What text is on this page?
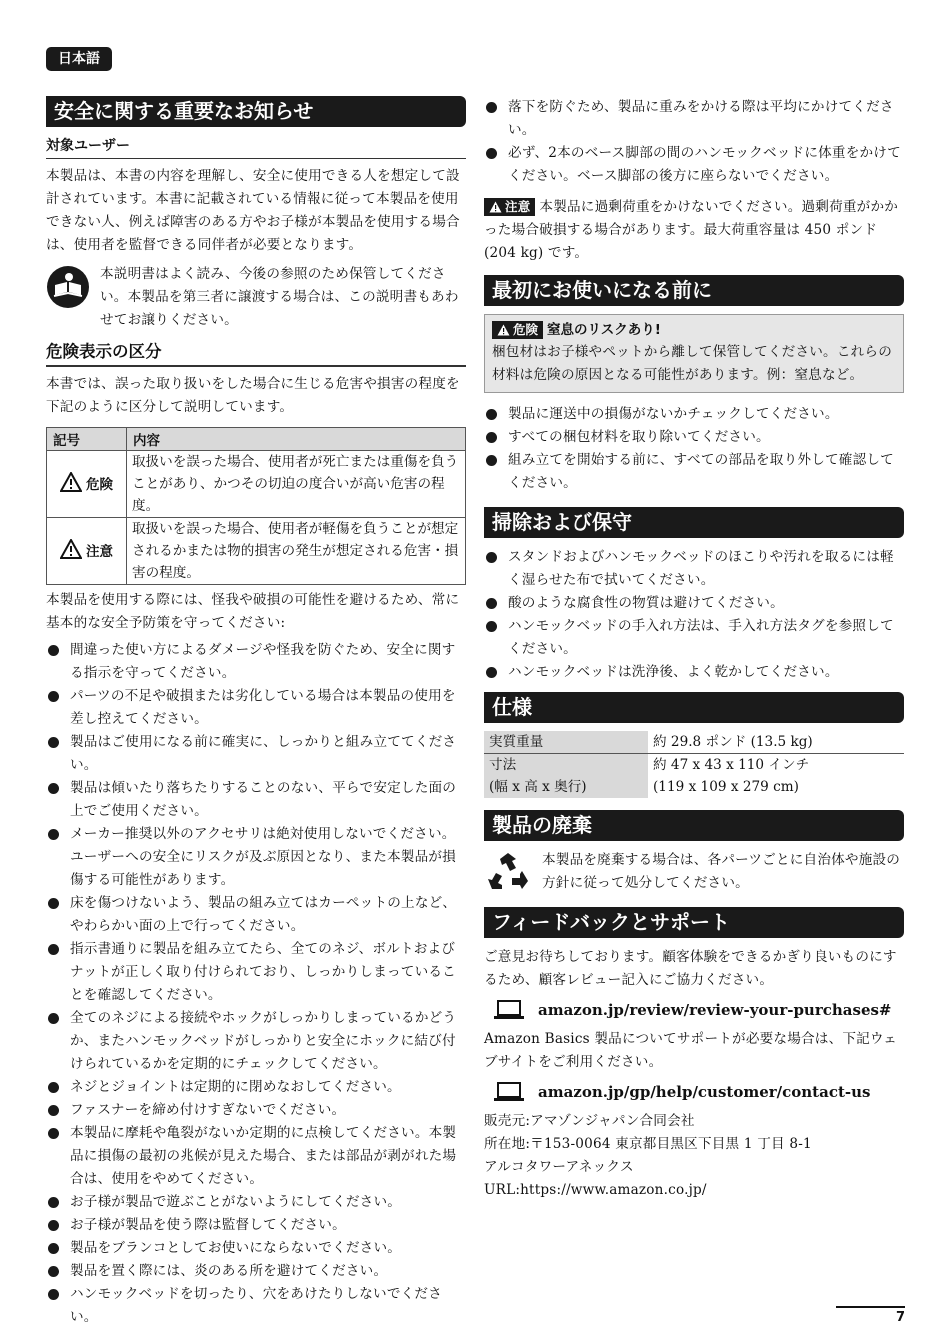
日本語
安全に関する重要なお知らせ
対象ユーザー

本製品は、本書の内容を理解し、安全に使用できる人を想定して設計されています。本書に記載されている情報に従って本製品を使用できない人、例えば障害のある方やお子様が本製品を使用する場合は、使用者を監督できる同伴者が必要となります。

本説明書はよく読み、今後の参照のため保管してください。本製品を第三者に譲渡する場合は、この説明書もあわせてお譲りください。
危険表示の区分

本書では、誤った取り扱いをした場合に生じる危害や損害の程度を下記のように区分して説明しています。

記号	内容
危険	取扱いを誤った場合、使用者が死亡または重傷を負うことがあり、かつその切迫の度合いが高い危害の程度。
注意	取扱いを誤った場合、使用者が軽傷を負うことが想定されるかまたは物的損害の発生が想定される危害・損害の程度。

本製品を使用する際には、怪我や破損の可能性を避けるため、常に基本的な安全予防策を守ってください:

間違った使い方によるダメージや怪我を防ぐため、安全に関する指示を守ってください。
パーツの不足や破損または劣化している場合は本製品の使用を差し控えてください。
製品はご使用になる前に確実に、しっかりと組み立ててください。
製品は傾いたり落ちたりすることのない、平らで安定した面の上でご使用ください。
メーカー推奨以外のアクセサリは絶対使用しないでください。ユーザーへの安全にリスクが及ぶ原因となり、また本製品が損傷する可能性があります。
床を傷つけないよう、製品の組み立てはカーペットの上など、やわらかい面の上で行ってください。
指示書通りに製品を組み立てたら、全てのネジ、ボルトおよびナットが正しく取り付けられており、しっかりしまっていることを確認してください。
全てのネジによる接続やホックがしっかりしまっているかどうか、またハンモックベッドがしっかりと安全にホックに結び付けられているかを定期的にチェックしてください。
ネジとジョイントは定期的に閉めなおしてください。
ファスナーを締め付けすぎないでください。
本製品に摩耗や亀裂がないか定期的に点検してください。本製品に損傷の最初の兆候が見えた場合、または部品が剥がれた場合は、使用をやめてください。
お子様が製品で遊ぶことがないようにしてください。
お子様が製品を使う際は監督してください。
製品をブランコとしてお使いにならないでください。
製品を置く際には、炎のある所を避けてください。
ハンモックベッドを切ったり、穴をあけたりしないでください。
落下を防ぐため、製品に重みをかける際は平均にかけてください。
必ず、2本のベース脚部の間のハンモックベッドに体重をかけてください。ベース脚部の後方に座らないでください。

注意 本製品に過剰荷重をかけないでください。過剰荷重がかかった場合破損する場合があります。最大荷重容量は 450 ポンド (204 kg) です。

最初にお使いになる前に
危険 窒息のリスクあり!

梱包材はお子様やペットから離して保管してください。これらの材料は危険の原因となる可能性があります。例：窒息など。

製品に運送中の損傷がないかチェックしてください。
すべての梱包材料を取り除いてください。
組み立てを開始する前に、すべての部品を取り外して確認してください。
掃除および保守
スタンドおよびハンモックベッドのほこりや汚れを取るには軽く湿らせた布で拭いてください。
酸のような腐食性の物質は避けてください。
ハンモックベッドの手入れ方法は、手入れ方法タグを参照してください。
ハンモックベッドは洗浄後、よく乾かしてください。
仕様
実質重量	約 29.8 ポンド (13.5 kg)
寸法	約 47 x 43 x 110 インチ
(幅 x 高 x 奥行)	(119 x 109 x 279 cm)
製品の廃棄
本製品を廃棄する場合は、各パーツごとに自治体や施設の方針に従って処分してください。
フィードバックとサポート

ご意見お待ちしております。顧客体験をできるかぎり良いものにするため、顧客レビュー記入にご協力ください。

amazon.jp/review/review-your-purchases#

Amazon Basics 製品についてサポートが必要な場合は、下記ウェブサイトをご利用ください。

amazon.jp/gp/help/customer/contact-us

販売元:アマゾンジャパン合同会社

所在地:〒153-0064 東京都目黒区下目黒 1 丁目 8-1

アルコタワーアネックス

URL:https://www.amazon.co.jp/

7
